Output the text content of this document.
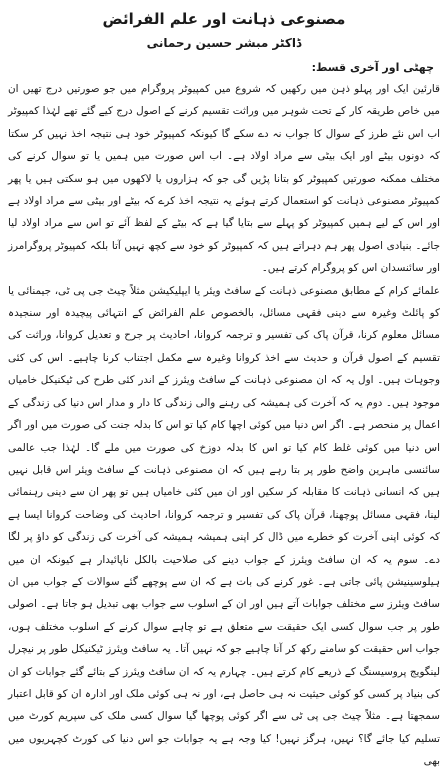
مصنوعی ذہانت اور علم الفرائض
ڈاکٹر مبشر حسین رحمانی
چھٹی اور آخری قسط:

قارئین ایک اور پہلو ذہن میں رکھیں کہ شروع میں کمپیوٹر پروگرام میں جو صورتیں درج تھیں ان میں خاص طریقہ کار کے تحت شوہر میں وراثت تقسیم کرنے کے اصول درج کیے گئے تھے لہٰذا کمپیوٹر اب اس نئے طرز کے سوال کا جواب نہ دے سکے گا کیونکہ کمپیوٹر خود ہی نتیجہ اخذ نہیں کر سکتا کہ دونوں بیٹے اور ایک بیٹی سے مراد اولاد ہے۔ اب اس صورت میں ہمیں یا تو سوال کرنے کی مختلف ممکنہ صورتیں کمپیوٹر کو بتانا پڑیں گی جو کہ ہزاروں یا لاکھوں میں ہو سکتی ہیں یا پھر کمپیوٹر مصنوعی ذہانت کو استعمال کرتے ہوئے یہ نتیجہ اخذ کرے کہ بیٹے اور بیٹی سے مراد اولاد ہے اور اس کے لیے ہمیں کمپیوٹر کو پہلے سے بتایا گیا ہے کہ بیٹے کے لفظ آئے تو اس سے مراد اولاد لیا جائے۔ بنیادی اصول پھر ہم دہراتے ہیں کہ کمپیوٹر کو خود سے کچھ نہیں آتا بلکہ کمپیوٹر پروگرامرز اور سائنسدان اس کو پروگرام کرتے ہیں۔

علمائے کرام کے مطابق مصنوعی ذہانت کے سافٹ ویئر یا ایپلیکیشن مثلاً چیٹ جی پی ٹی، جیمنائی یا کو پائلٹ وغیرہ سے دینی فقہی مسائل، بالخصوص علم الفرائض کے انتہائی پیچیدہ اور سنجیدہ مسائل معلوم کرنا، قرآن پاک کی تفسیر و ترجمہ کروانا، احادیث پر جرح و تعدیل کروانا، وراثت کی تقسیم کے اصول قرآن و حدیث سے اخذ کروانا وغیرہ سے مکمل اجتناب کرنا چاہیے۔ اس کی کئی وجوہات ہیں۔ اول یہ کہ ان مصنوعی ذہانت کے سافٹ ویئرز کے اندر کئی طرح کی ٹیکنیکل خامیاں موجود ہیں۔ دوم یہ کہ آخرت کی ہمیشہ کی رہنے والی زندگی کا دار و مدار اس دنیا کی زندگی کے اعمال پر منحصر ہے۔ اگر اس دنیا میں کوئی اچھا کام کیا تو اس کا بدلہ جنت کی صورت میں اور اگر اس دنیا میں کوئی غلط کام کیا تو اس کا بدلہ دوزخ کی صورت میں ملے گا۔ لہٰذا جب عالمی سائنسی ماہرین واضح طور پر بتا رہے ہیں کہ ان مصنوعی ذہانت کے سافٹ ویئر اس قابل نہیں ہیں کہ انسانی ذہانت کا مقابلہ کر سکیں اور ان میں کئی خامیاں ہیں تو پھر ان سے دینی رہنمائی لینا، فقہی مسائل پوچھنا، قرآن پاک کی تفسیر و ترجمہ کروانا، احادیث کی وضاحت کروانا ایسا ہے کہ کوئی اپنی آخرت کو خطرے میں ڈال کر اپنی ہمیشہ ہمیشہ کی آخرت کی زندگی کو داؤ پر لگا دے۔ سوم یہ کہ ان سافٹ ویئرز کے جواب دینے کی صلاحیت بالکل ناپائیدار ہے کیونکہ ان میں ہیلوسینیشن پائی جاتی ہے۔ غور کرنے کی بات ہے کہ ان سے پوچھے گئے سوالات کے جواب میں ان سافٹ ویئرز سے مختلف جوابات آتے ہیں اور ان کے اسلوب سے جواب بھی تبدیل ہو جاتا ہے۔ اصولی طور پر جب سوال کسی ایک حقیقت سے متعلق ہے تو چاہے سوال کرنے کے اسلوب مختلف ہوں، جواب اس حقیقت کو سامنے رکھ کر آنا چاہیے جو کہ نہیں آتا۔ یہ سافٹ ویئرز ٹیکنیکل طور پر نیچرل لینگویج پروسیسنگ کے ذریعے کام کرتے ہیں۔ چہارم یہ کہ ان سافٹ ویئرز کے بتائے گئے جوابات کو ان کی بنیاد پر کسی کو کوئی حیثیت نہ ہی حاصل ہے، اور نہ ہی کوئی ملک اور ادارہ ان کو قابل اعتبار سمجھتا ہے۔ مثلاً چیٹ جی پی ٹی سے اگر کوئی پوچھا گیا سوال کسی ملک کی سپریم کورٹ میں تسلیم کیا جائے گا؟ نہیں، ہرگز نہیں! کیا وجہ ہے یہ جوابات جو اس دنیا کی کورٹ کچہریوں میں بھی
